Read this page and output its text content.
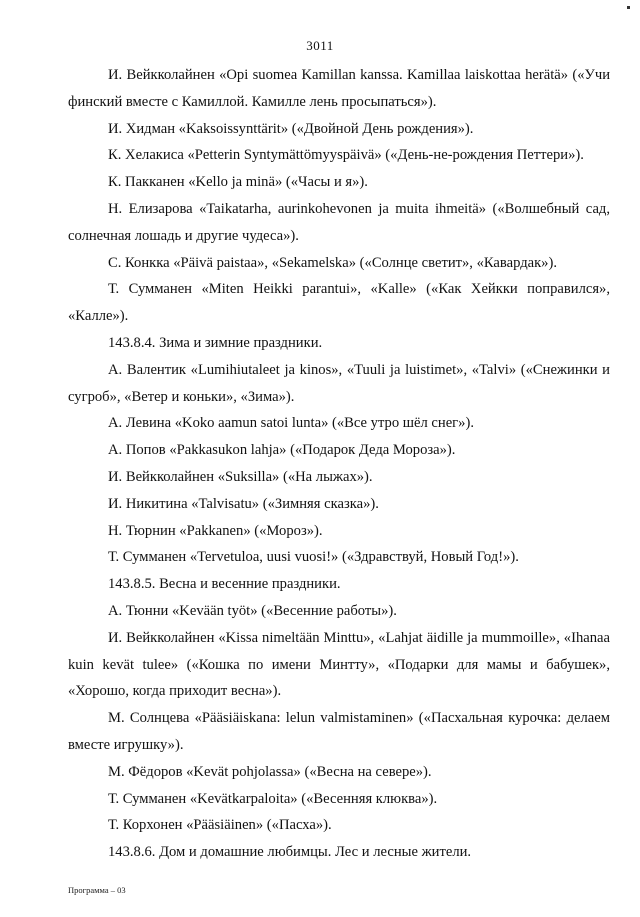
3011

И. Вейкколайнен «Opi suomea Kamillan kanssa. Kamillaa laiskottaa herätä» («Учи финский вместе с Камиллой. Камилле лень просыпаться»).

И. Хидман «Kaksoissynttärit» («Двойной День рождения»).

К. Хелакиса «Petterin Syntymättömyyspäivä» («День-не-рождения Петтери»).

К. Пакканен «Kello ja minä» («Часы и я»).

Н. Елизарова «Taikatarha, aurinkohevonen ja muita ihmeitä» («Волшебный сад, солнечная лошадь и другие чудеса»).

С. Конкка «Päivä paistaa», «Sekamelska» («Солнце светит», «Кавардак»).

Т. Сумманен «Miten Heikki parantui», «Kalle» («Как Хейкки поправился», «Калле»).

143.8.4. Зима и зимние праздники.

А. Валентик «Lumihiutaleet ja kinos», «Tuuli ja luistimet», «Talvi» («Снежинки и сугроб», «Ветер и коньки», «Зима»).

А. Левина «Koko aamun satoi lunta» («Все утро шёл снег»).

А. Попов «Pakkasukon lahja» («Подарок Деда Мороза»).

И. Вейкколайнен «Suksilla» («На лыжах»).

И. Никитина «Talvisatu» («Зимняя сказка»).

Н. Тюрнин «Pakkanen» («Мороз»).

Т. Сумманен «Tervetuloa, uusi vuosi!» («Здравствуй, Новый Год!»).

143.8.5. Весна и весенние праздники.

А. Тюнни «Kevään työt» («Весенние работы»).

И. Вейкколайнен «Kissa nimeltään Minttu», «Lahjat äidille ja mummoille», «Ihanaa kuin kevät tulee» («Кошка по имени Минтту», «Подарки для мамы и бабушек», «Хорошо, когда приходит весна»).

М. Солнцева «Pääsiäiskana: lelun valmistaminen» («Пасхальная курочка: делаем вместе игрушку»).

М. Фёдоров «Kevät pohjolassa» («Весна на севере»).

Т. Сумманен «Kevätkarpaloita» («Весенняя клюква»).

Т. Корхонен «Pääsiäinen» («Пасха»).

143.8.6. Дом и домашние любимцы. Лес и лесные жители.

Программа – 03
